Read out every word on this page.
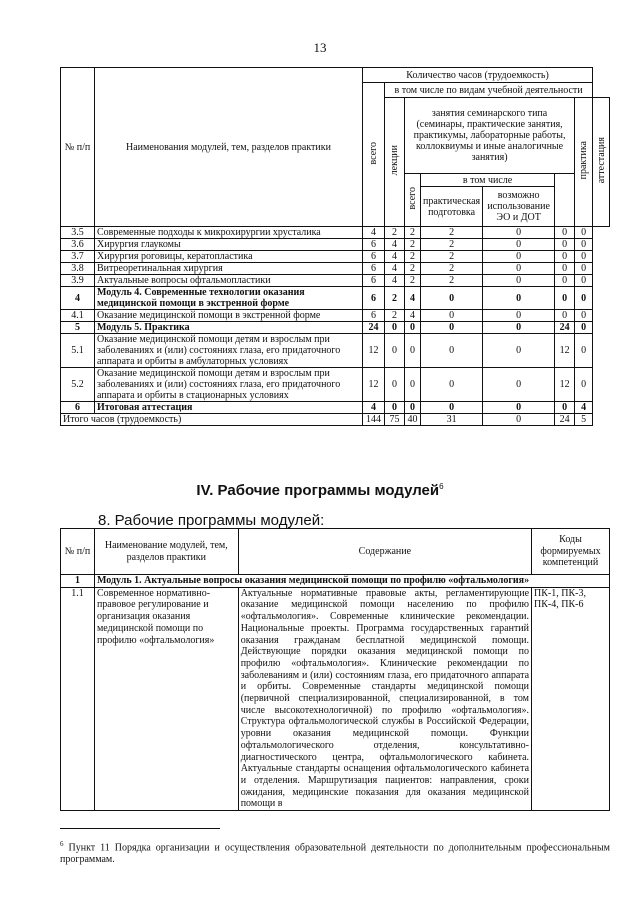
13
№ п/п	Наименования модулей, тем, разделов практики	Количество часов (трудоемкость)							
		всего	в том числе по видам учебной деятельности						
			лекции	занятия семинарского типа (семинары, практические занятия, практикумы, лабораторные работы, коллоквиумы и иные аналогичные занятия)				практика	аттестация
				всего	в том числе				
					практическая подготовка	возможно использование ЭО и ДОТ			
3.5	Современные подходы к микрохирургии хрусталика	4	2	2	2	0	0	0	
3.6	Хирургия глаукомы	6	4	2	2	0	0	0	
3.7	Хирургия роговицы, кератопластика	6	4	2	2	0	0	0	
3.8	Витреоретинальная хирургия	6	4	2	2	0	0	0	
3.9	Актуальные вопросы офтальмопластики	6	4	2	2	0	0	0	
4	Модуль 4. Современные технологии оказания медицинской помощи в экстренной форме	6	2	4	0	0	0	0	
4.1	Оказание медицинской помощи в экстренной форме	6	2	4	0	0	0	0	
5	Модуль 5. Практика	24	0	0	0	0	24	0	
5.1	Оказание медицинской помощи детям и взрослым при заболеваниях и (или) состояниях глаза, его придаточного аппарата и орбиты в амбулаторных условиях	12	0	0	0	0	12	0	
5.2	Оказание медицинской помощи детям и взрослым при заболеваниях и (или) состояниях глаза, его придаточного аппарата и орбиты в стационарных условиях	12	0	0	0	0	12	0	
6	Итоговая аттестация	4	0	0	0	0	0	4	
Итого часов (трудоемкость)		144	75	40	31	0	24	5	
IV. Рабочие программы модулей$^6$
8. Рабочие программы модулей:
№ п/п	Наименование модулей, тем, разделов практики	Содержание	Коды формируемых компетенций
1	Модуль 1. Актуальные вопросы оказания медицинской помощи по профилю «офтальмология»		
1.1	Современное нормативно-правовое регулирование и организация оказания медицинской помощи по профилю «офтальмология»	Актуальные нормативные правовые акты, регламентирующие оказание медицинской помощи населению по профилю «офтальмология». Современные клинические рекомендации. Национальные проекты. Программа государственных гарантий оказания гражданам бесплатной медицинской помощи. Действующие порядки оказания медицинской помощи по профилю «офтальмология». Клинические рекомендации по заболеваниям и (или) состояниям глаза, его придаточного аппарата и орбиты. Современные стандарты медицинской помощи (первичной специализированной, специализированной, в том числе высокотехнологичной) по профилю «офтальмология». Структура офтальмологической службы в Российской Федерации, уровни оказания медицинской помощи. Функции офтальмологического отделения, консультативно-диагностического центра, офтальмологического кабинета. Актуальные стандарты оснащения офтальмологического кабинета и отделения. Маршрутизация пациентов: направления, сроки ожидания, медицинские показания для оказания медицинской помощи в	ПК-1, ПК-3, ПК-4, ПК-6
$^6$ Пункт 11 Порядка организации и осуществления образовательной деятельности по дополнительным профессиональным программам.
